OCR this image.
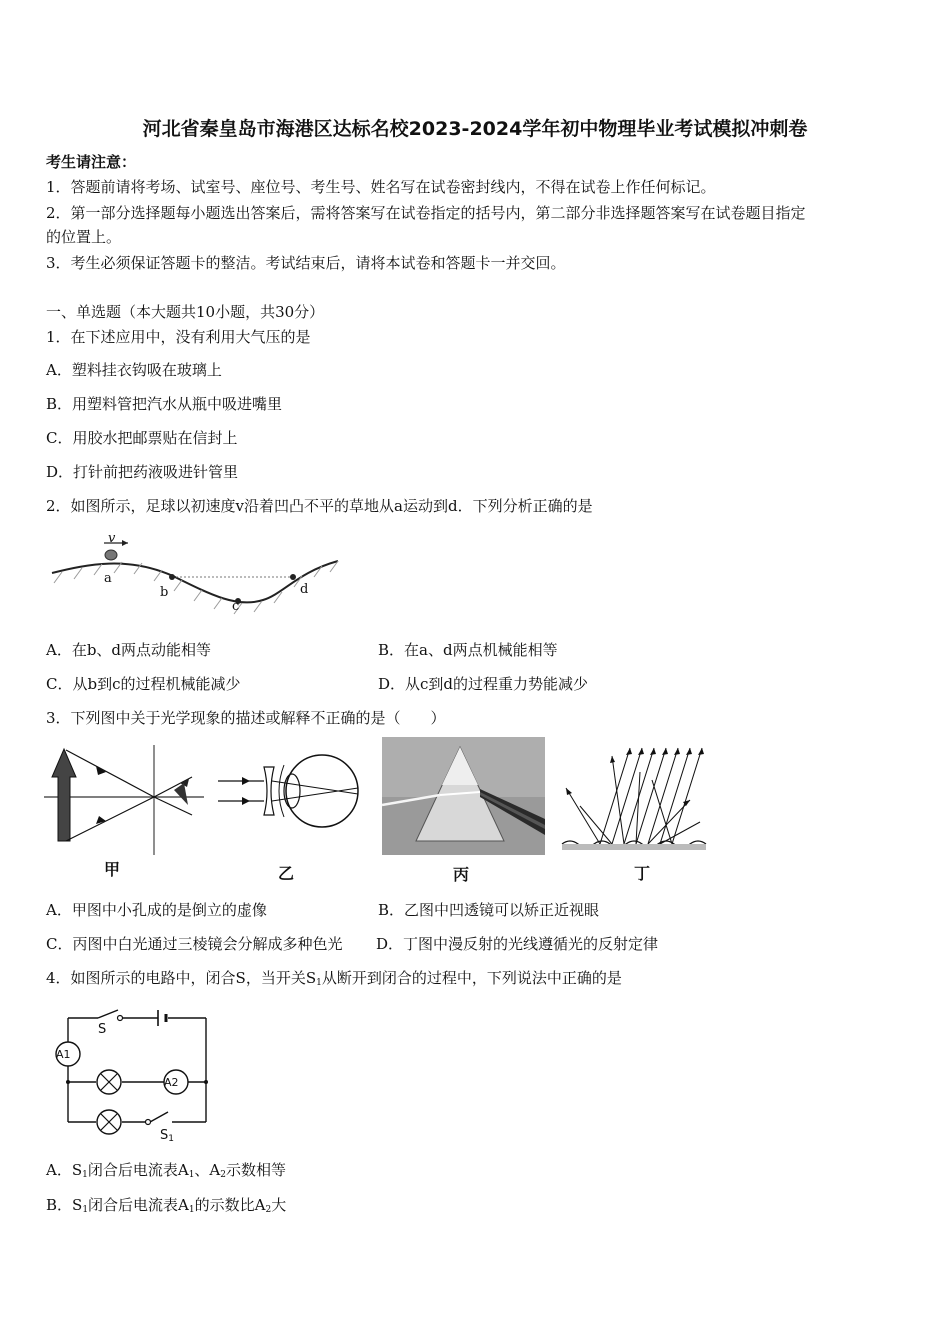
河北省秦皇岛市海港区达标名校2023-2024学年初中物理毕业考试模拟冲刺卷
考生请注意：
1．答题前请将考场、试室号、座位号、考生号、姓名写在试卷密封线内，不得在试卷上作任何标记。
2．第一部分选择题每小题选出答案后，需将答案写在试卷指定的括号内，第二部分非选择题答案写在试卷题目指定
的位置上。
3．考生必须保证答题卡的整洁。考试结束后，请将本试卷和答题卡一并交回。
一、单选题（本大题共10小题，共30分）
1．在下述应用中，没有利用大气压的是
A．塑料挂衣钩吸在玻璃上
B．用塑料管把汽水从瓶中吸进嘴里
C．用胶水把邮票贴在信封上
D．打针前把药液吸进针管里
2．如图所示，足球以初速度v沿着凹凸不平的草地从a运动到d．下列分析正确的是
v
a
b
c
d
A．在b、d两点动能相等	B．在a、d两点机械能相等
C．从b到c的过程机械能减少	D．从c到d的过程重力势能减少
3．下列图中关于光学现象的描述或解释不正确的是（　　）
甲	乙	丙	丁
A．甲图中小孔成的是倒立的虚像	B．乙图中凹透镜可以矫正近视眼
C．丙图中白光通过三棱镜会分解成多种色光 D．丁图中漫反射的光线遵循光的反射定律
4．如图所示的电路中，闭合S，当开关$S_1$从断开到闭合的过程中，下列说法中正确的是
S
A1
A2
$S_1$
A．$S_1$闭合后电流表$A_1$、$A_2$示数相等
B．$S_1$闭合后电流表$A_1$的示数比$A_2$大
